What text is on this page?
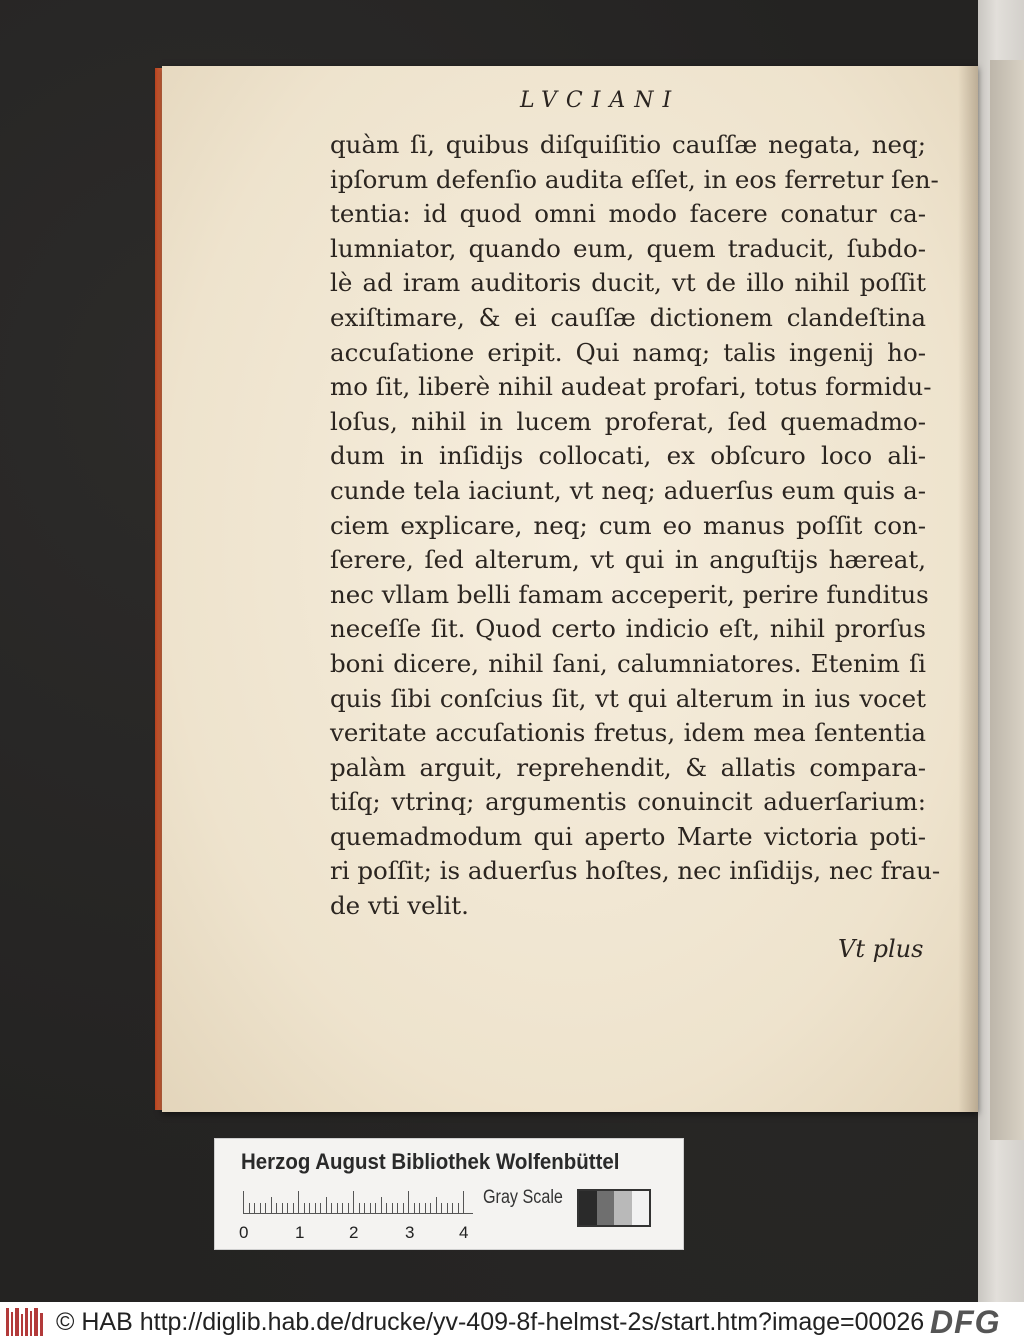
LVCIANI
quàm ſi, quibus diſquiſitio cauſſæ negata, neq;
ipſorum defenſio audita eſſet, in eos ferretur ſen-
tentia: id quod omni modo facere conatur ca-
lumniator, quando eum, quem traducit, ſubdo-
lè ad iram auditoris ducit, vt de illo nihil poſſit
exiſtimare, & ei cauſſæ dictionem clandeſtina
accuſatione eripit. Qui namq; talis ingenij ho-
mo ſit, liberè nihil audeat profari, totus formidu-
loſus, nihil in lucem proferat, ſed quemadmo-
dum in inſidijs collocati, ex obſcuro loco ali-
cunde tela iaciunt, vt neq; aduerſus eum quis a-
ciem explicare, neq; cum eo manus poſſit con-
ſerere, ſed alterum, vt qui in anguſtijs hæreat,
nec vllam belli famam acceperit, perire funditus
neceſſe ſit. Quod certo indicio eſt, nihil prorſus
boni dicere, nihil ſani, calumniatores. Etenim ſi
quis ſibi conſcius ſit, vt qui alterum in ius vocet
veritate accuſationis fretus, idem mea ſententia
palàm arguit, reprehendit, & allatis compara-
tiſq; vtrinq; argumentis conuincit aduerſarium:
quemadmodum qui aperto Marte victoria poti-
ri poſſit; is aduerſus hoſtes, nec inſidijs, nec frau-
de vti velit.
Vt plus
Herzog August Bibliothek Wolfenbüttel
0	1	2	3	4
Gray Scale
© HAB http://diglib.hab.de/drucke/yv-409-8f-helmst-2s/start.htm?image=00026 DFG
